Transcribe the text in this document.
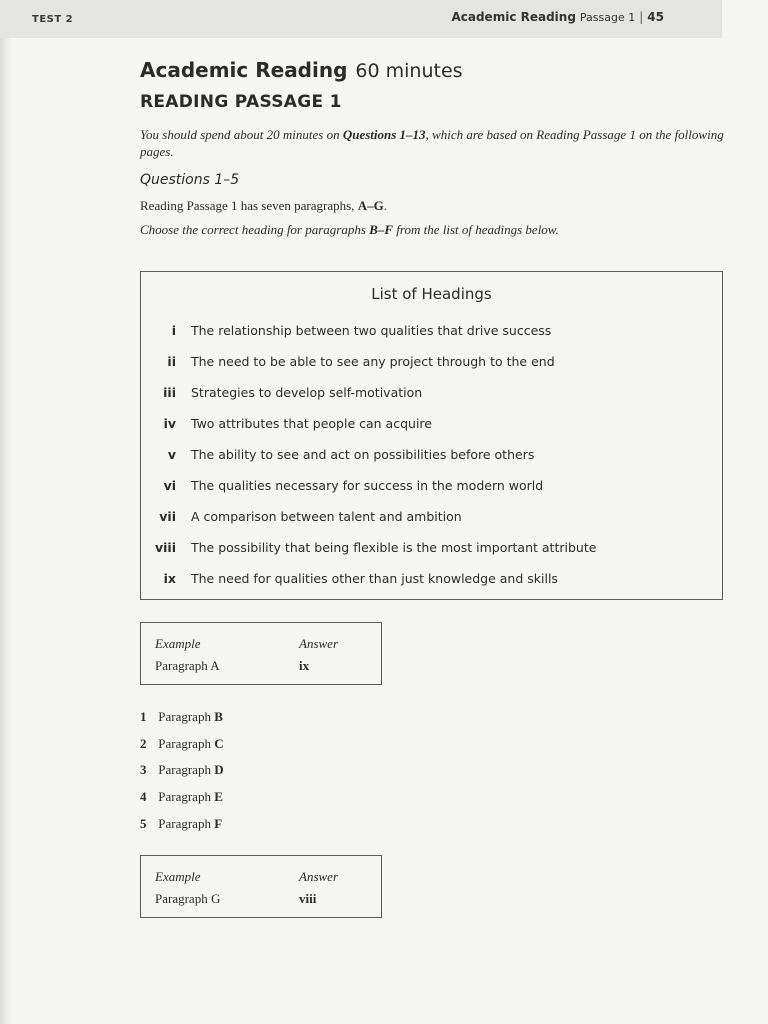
TEST 2	Academic Reading Passage 1 | 45
Academic Reading 60 minutes
READING PASSAGE 1
You should spend about 20 minutes on Questions 1–13, which are based on Reading Passage 1 on the following pages.
Questions 1–5
Reading Passage 1 has seven paragraphs, A–G.
Choose the correct heading for paragraphs B–F from the list of headings below.
List of Headings
i The relationship between two qualities that drive success
ii The need to be able to see any project through to the end
iii Strategies to develop self-motivation
iv Two attributes that people can acquire
v The ability to see and act on possibilities before others
vi The qualities necessary for success in the modern world
vii A comparison between talent and ambition
viii The possibility that being flexible is the most important attribute
ix The need for qualities other than just knowledge and skills
Example	Answer
Paragraph A	ix
1 Paragraph B
2 Paragraph C
3 Paragraph D
4 Paragraph E
5 Paragraph F
Example	Answer
Paragraph G	viii
